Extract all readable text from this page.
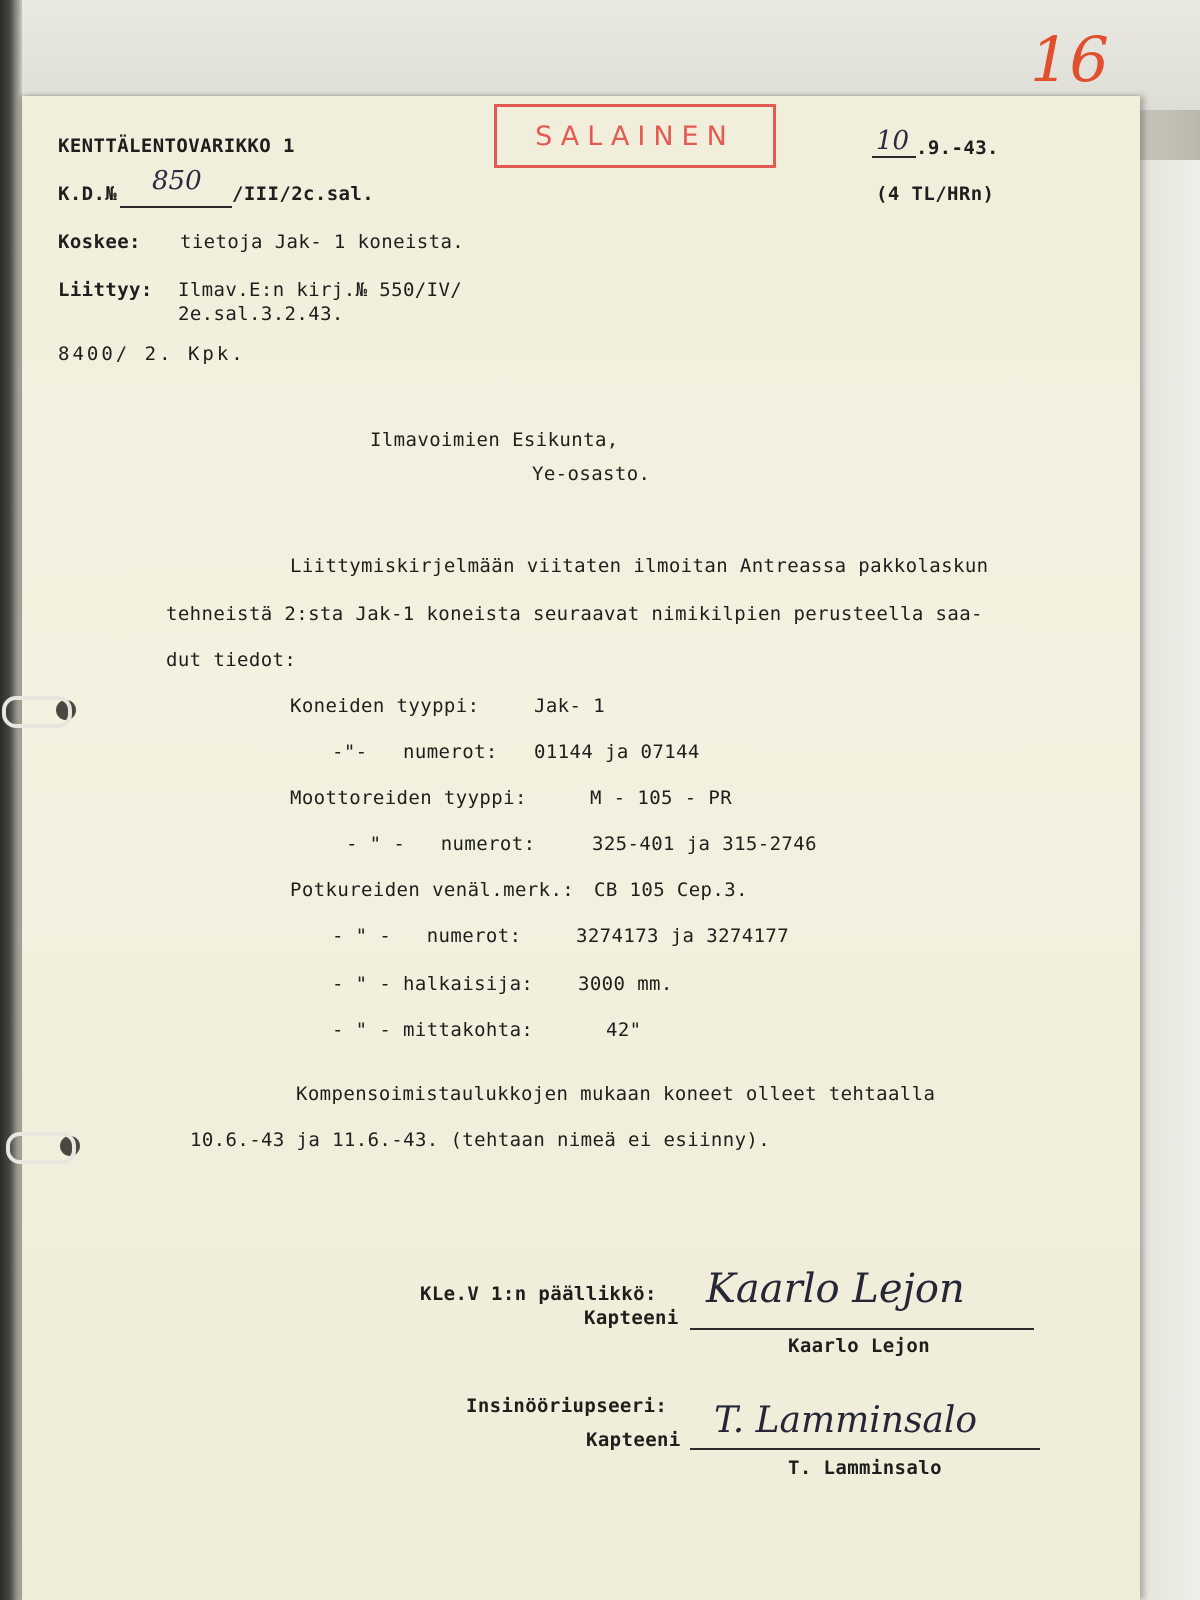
16
KENTTÄLENTOVARIKKO 1	SALAINEN	10 .9.-43.
K.D.№ 850 /III/2c.sal.	(4 TL/HRn)
Koskee: tietoja Jak- 1 koneista.
Liittyy: Ilmav.E:n kirj.№ 550/IV/
2e.sal.3.2.43.
8400/ 2. Kpk.
Ilmavoimien Esikunta,
Ye-osasto.
Liittymiskirjelmään viitaten ilmoitan Antreassa pakkolaskun
tehneistä 2:sta Jak-1 koneista seuraavat nimikilpien perusteella saa-
dut tiedot:
Koneiden tyyppi:	Jak- 1
-"-   numerot: 01144 ja 07144
Moottoreiden tyyppi:	M - 105 - PR
- " -   numerot:	325-401 ja 315-2746
Potkureiden venäl.merk.: CB 105 Cep.3.
- " -   numerot:	3274173 ja 3274177
- " - halkaisija: 3000 mm.
- " - mittakohta:	42"
Kompensoimistaulukkojen mukaan koneet olleet tehtaalla
10.6.-43 ja 11.6.-43. (tehtaan nimeä ei esiinny).
KLe.V 1:n päällikkö:
Kapteeni
Kaarlo Lejon
Kaarlo Lejon
Insinööriupseeri:
Kapteeni T. Lamminsalo
T. Lamminsalo
